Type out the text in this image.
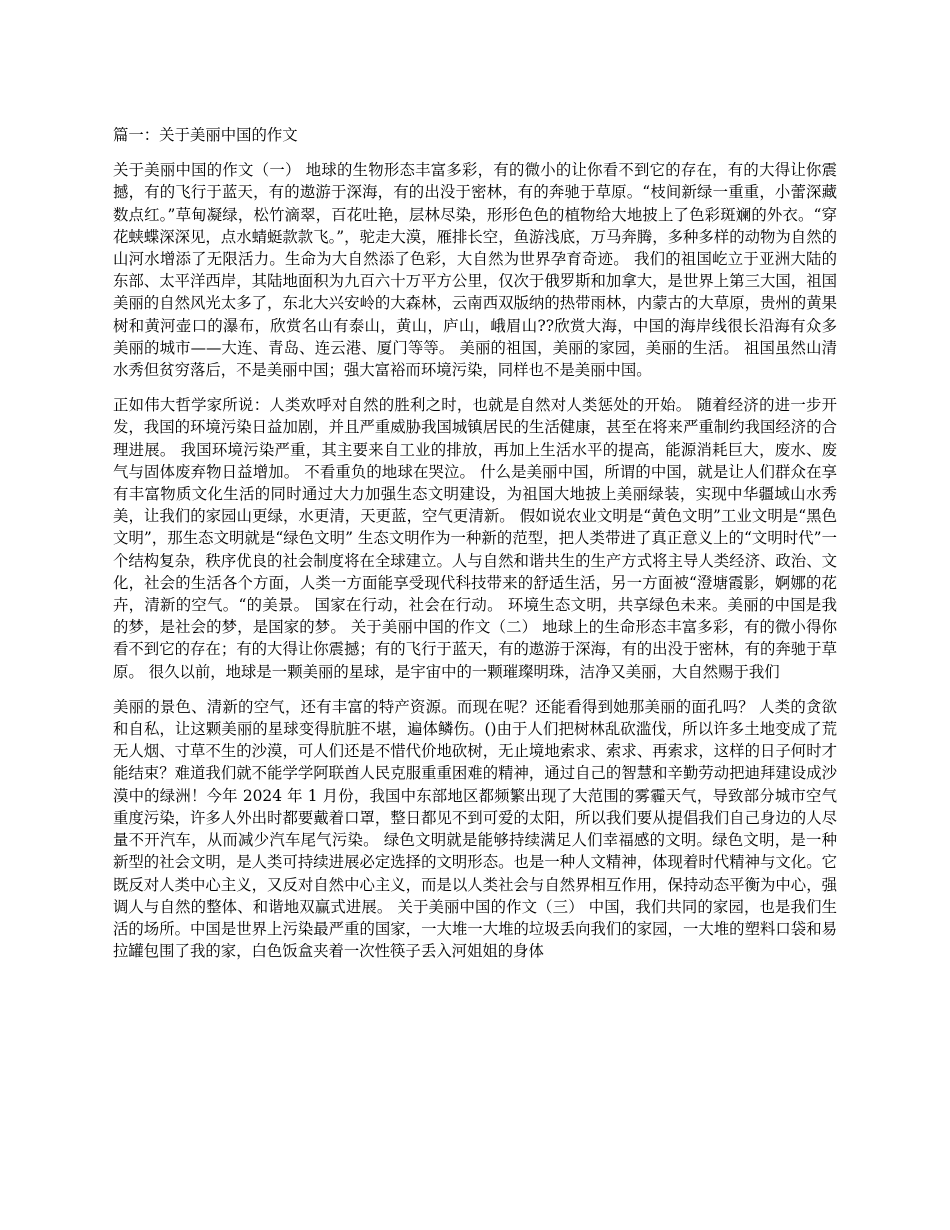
篇一：关于美丽中国的作文

关于美丽中国的作文（一） 地球的生物形态丰富多彩，有的微小的让你看不到它的存在，有的大得让你震撼，有的飞行于蓝天，有的遨游于深海，有的出没于密林，有的奔驰于草原。“枝间新绿一重重，小蕾深藏数点红。”草甸凝绿，松竹滴翠，百花吐艳，层林尽染，形形色色的植物给大地披上了色彩斑斓的外衣。“穿花蛱蝶深深见，点水蜻蜓款款飞。”，驼走大漠，雁排长空，鱼游浅底，万马奔腾，多种多样的动物为自然的山河水增添了无限活力。生命为大自然添了色彩，大自然为世界孕育奇迹。 我们的祖国屹立于亚洲大陆的东部、太平洋西岸，其陆地面积为九百六十万平方公里，仅次于俄罗斯和加拿大，是世界上第三大国，祖国美丽的自然风光太多了，东北大兴安岭的大森林，云南西双版纳的热带雨林，内蒙古的大草原，贵州的黄果树和黄河壶口的瀑布，欣赏名山有泰山，黄山，庐山，峨眉山??欣赏大海，中国的海岸线很长沿海有众多美丽的城市——大连、青岛、连云港、厦门等等。 美丽的祖国，美丽的家园，美丽的生活。 祖国虽然山清水秀但贫穷落后，不是美丽中国；强大富裕而环境污染，同样也不是美丽中国。

正如伟大哲学家所说：人类欢呼对自然的胜利之时，也就是自然对人类惩处的开始。 随着经济的进一步开发，我国的环境污染日益加剧，并且严重威胁我国城镇居民的生活健康，甚至在将来严重制约我国经济的合理进展。 我国环境污染严重，其主要来自工业的排放，再加上生活水平的提高，能源消耗巨大，废水、废气与固体废弃物日益增加。 不看重负的地球在哭泣。 什么是美丽中国，所谓的中国，就是让人们群众在享有丰富物质文化生活的同时通过大力加强生态文明建设，为祖国大地披上美丽绿装，实现中华疆域山水秀美，让我们的家园山更绿，水更清，天更蓝，空气更清新。 假如说农业文明是“黄色文明”工业文明是“黑色文明”，那生态文明就是“绿色文明” 生态文明作为一种新的范型，把人类带进了真正意义上的“文明时代”一个结构复杂，秩序优良的社会制度将在全球建立。人与自然和谐共生的生产方式将主导人类经济、政治、文化，社会的生活各个方面，人类一方面能享受现代科技带来的舒适生活，另一方面被“澄塘霞影，婀娜的花卉，清新的空气。“的美景。 国家在行动，社会在行动。 环境生态文明，共享绿色未来。美丽的中国是我的梦，是社会的梦，是国家的梦。 关于美丽中国的作文（二） 地球上的生命形态丰富多彩，有的微小得你看不到它的存在；有的大得让你震撼；有的飞行于蓝天，有的遨游于深海，有的出没于密林，有的奔驰于草原。 很久以前，地球是一颗美丽的星球，是宇宙中的一颗璀璨明珠，洁净又美丽，大自然赐于我们

美丽的景色、清新的空气，还有丰富的特产资源。而现在呢？还能看得到她那美丽的面孔吗？ 人类的贪欲和自私，让这颗美丽的星球变得肮脏不堪，遍体鳞伤。()由于人们把树林乱砍滥伐，所以许多土地变成了荒无人烟、寸草不生的沙漠，可人们还是不惜代价地砍树，无止境地索求、索求、再索求，这样的日子何时才能结束？难道我们就不能学学阿联酋人民克服重重困难的精神，通过自己的智慧和辛勤劳动把迪拜建设成沙漠中的绿洲！今年 2024 年 1 月份，我国中东部地区都频繁出现了大范围的雾霾天气，导致部分城市空气重度污染，许多人外出时都要戴着口罩，整日都见不到可爱的太阳，所以我们要从提倡我们自己身边的人尽量不开汽车，从而减少汽车尾气污染。 绿色文明就是能够持续满足人们幸福感的文明。绿色文明，是一种新型的社会文明，是人类可持续进展必定选择的文明形态。也是一种人文精神，体现着时代精神与文化。它既反对人类中心主义，又反对自然中心主义，而是以人类社会与自然界相互作用，保持动态平衡为中心，强调人与自然的整体、和谐地双赢式进展。 关于美丽中国的作文（三） 中国，我们共同的家园，也是我们生活的场所。中国是世界上污染最严重的国家，一大堆一大堆的垃圾丢向我们的家园，一大堆的塑料口袋和易拉罐包围了我的家，白色饭盒夹着一次性筷子丢入河姐姐的身体
